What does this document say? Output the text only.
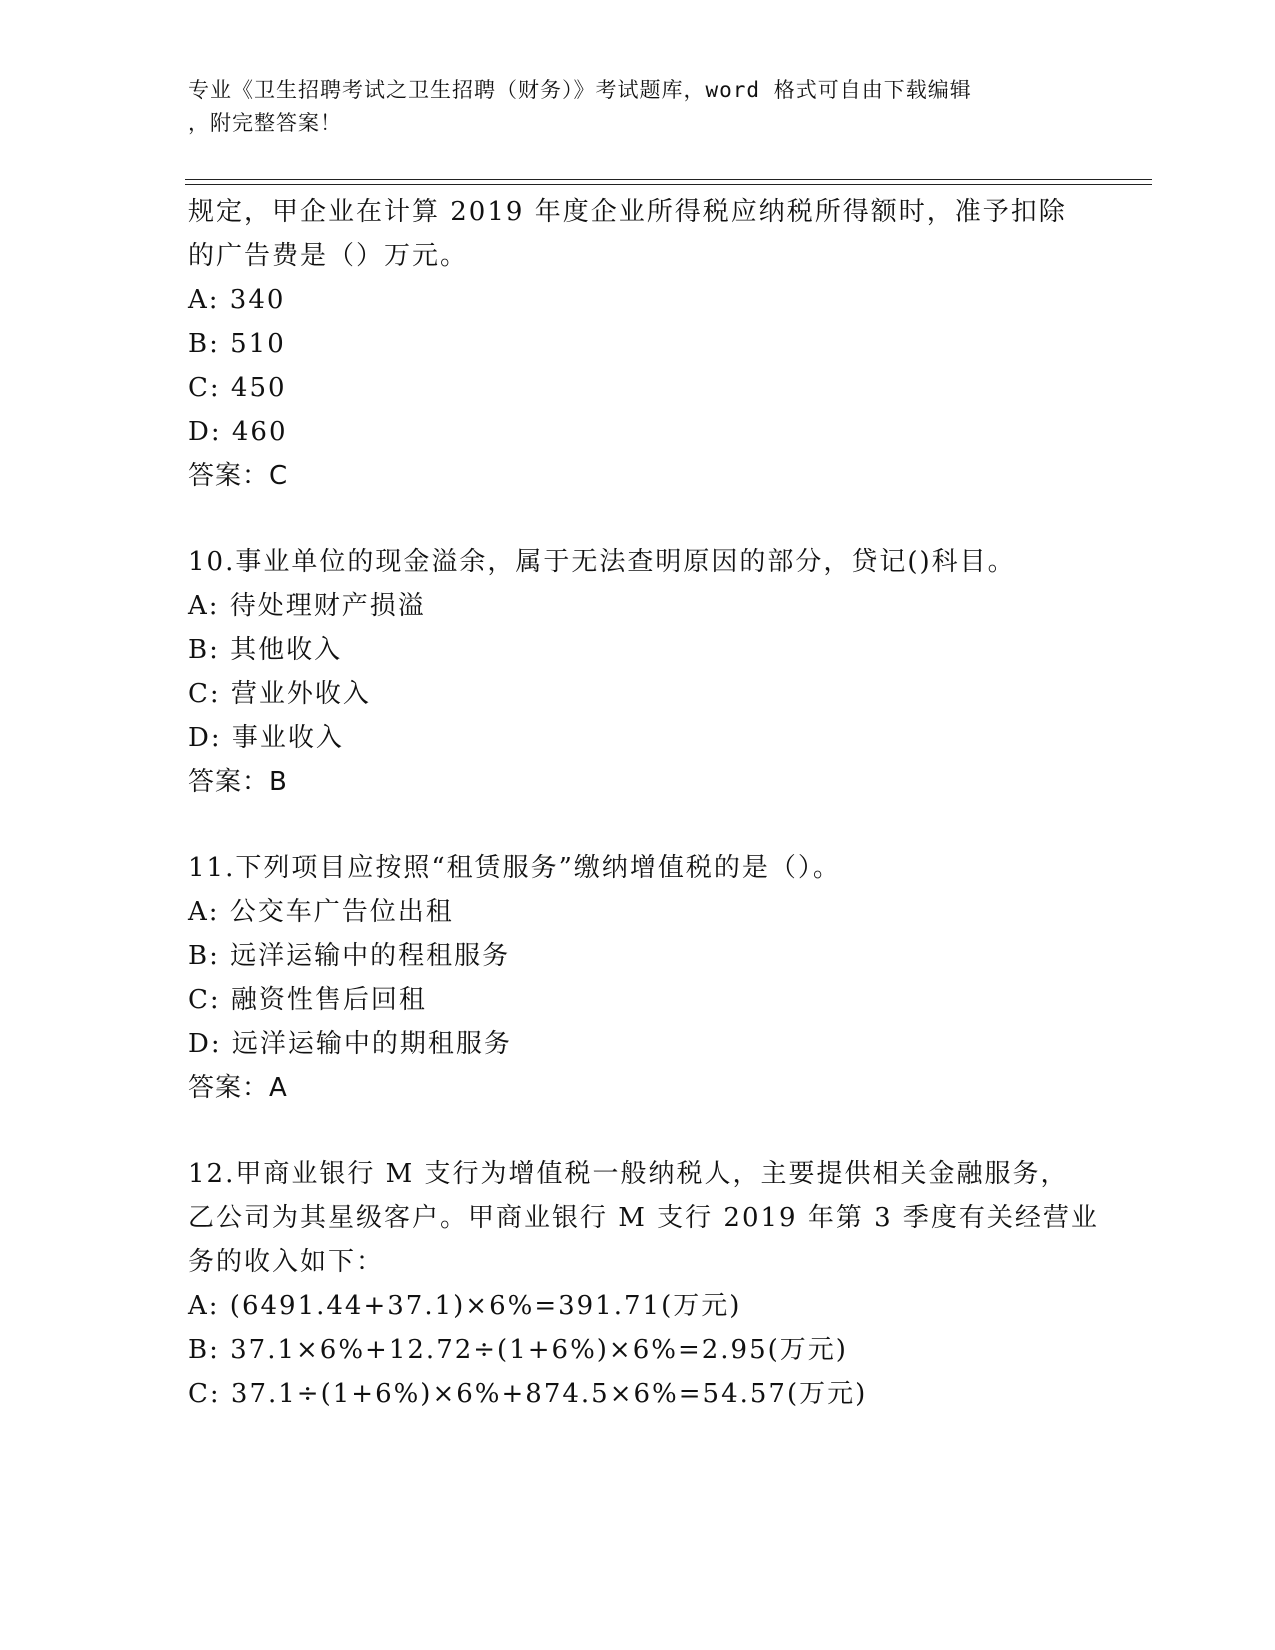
专业《卫生招聘考试之卫生招聘（财务）》考试题库，word 格式可自由下载编辑
，附完整答案！
规定，甲企业在计算 2019 年度企业所得税应纳税所得额时，准予扣除
的广告费是（）万元。
A: 340
B: 510
C: 450
D: 460
答案：C
10.事业单位的现金溢余，属于无法查明原因的部分，贷记()科目。
A: 待处理财产损溢
B: 其他收入
C: 营业外收入
D: 事业收入
答案：B
11.下列项目应按照“租赁服务”缴纳增值税的是（）。
A: 公交车广告位出租
B: 远洋运输中的程租服务
C: 融资性售后回租
D: 远洋运输中的期租服务
答案：A
12.甲商业银行 M 支行为增值税一般纳税人，主要提供相关金融服务，
乙公司为其星级客户。甲商业银行 M 支行 2019 年第 3 季度有关经营业
务的收入如下：
A: (6491.44+37.1)×6%=391.71(万元)
B: 37.1×6%+12.72÷(1+6%)×6%=2.95(万元)
C: 37.1÷(1+6%)×6%+874.5×6%=54.57(万元)
